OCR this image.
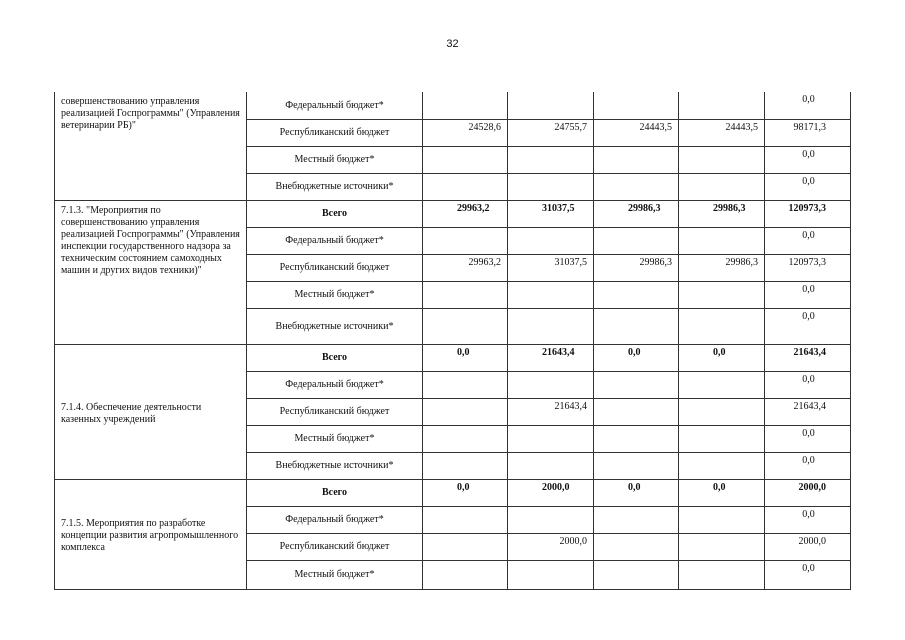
32
совершенствованию управления реализацией Госпрограммы" (Управления ветеринарии РБ)"	Федеральный бюджет*					0,0
	Республиканский бюджет	24528,6	24755,7	24443,5	24443,5	98171,3
	Местный бюджет*					0,0
	Внебюджетные источники*					0,0
7.1.3. "Мероприятия по совершенствованию управления реализацией Госпрограммы" (Управления инспекции государственного надзора за техническим состоянием самоходных машин и других видов техники)"	Всего	29963,2	31037,5	29986,3	29986,3	120973,3
	Федеральный бюджет*					0,0
	Республиканский бюджет	29963,2	31037,5	29986,3	29986,3	120973,3
	Местный бюджет*					0,0
	Внебюджетные источники*					0,0
7.1.4. Обеспечение деятельности казенных учреждений	Всего	0,0	21643,4	0,0	0,0	21643,4
	Федеральный бюджет*					0,0
	Республиканский бюджет		21643,4			21643,4
	Местный бюджет*					0,0
	Внебюджетные источники*					0,0
7.1.5. Мероприятия по разработке концепции развития агропромышленного комплекса	Всего	0,0	2000,0	0,0	0,0	2000,0
	Федеральный бюджет*					0,0
	Республиканский бюджет		2000,0			2000,0
	Местный бюджет*					0,0
